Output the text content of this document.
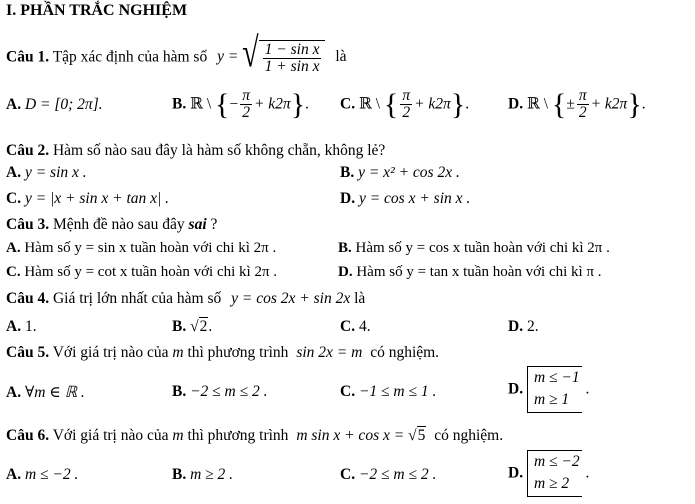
I. PHẦN TRẮC NGHIỆM
Câu 1. Tập xác định của hàm số y = √ $\frac{\text{1 − sin x}}{\text{1 + sin x}}$ là
A. D = [0; 2π].	B. ℝ \ {− $\frac{\pi}{2} + k2\pi$}. C. ℝ \ { $\frac{\pi}{2} + k2\pi$}.	D. ℝ \ {± $\frac{\pi}{2} + k2\pi$}.
Câu 2. Hàm số nào sau đây là hàm số không chẵn, không lẻ?
A. y = sin x .	B. y = x² + cos 2x .
C. y = |x + sin x + tan x| .	D. y = cos x + sin x .
Câu 3. Mệnh đề nào sau đây sai ?
A. Hàm số y = sin x tuần hoàn với chi kì 2π .	B. Hàm số y = cos x tuần hoàn với chi kì 2π .
C. Hàm số y = cot x tuần hoàn với chi kì 2π .	D. Hàm số y = tan x tuần hoàn với chi kì π .
Câu 4. Giá trị lớn nhất của hàm số y = cos 2x + sin 2x là
A. 1.	B. √2.	C. 4.	D. 2.
Câu 5. Với giá trị nào của m thì phương trình sin 2x = m có nghiệm.
A. ∀m ∈ ℝ .	B. −2 ≤ m ≤ 2 .	C. −1 ≤ m ≤ 1 .	D.
m ≤ −1
m ≥ 1
.
Câu 6. Với giá trị nào của m thì phương trình m sin x + cos x = √5 có nghiệm.
A. m ≤ −2 .	B. m ≥ 2 .	C. −2 ≤ m ≤ 2 .	D.
m ≤ −2
m ≥ 2
.
